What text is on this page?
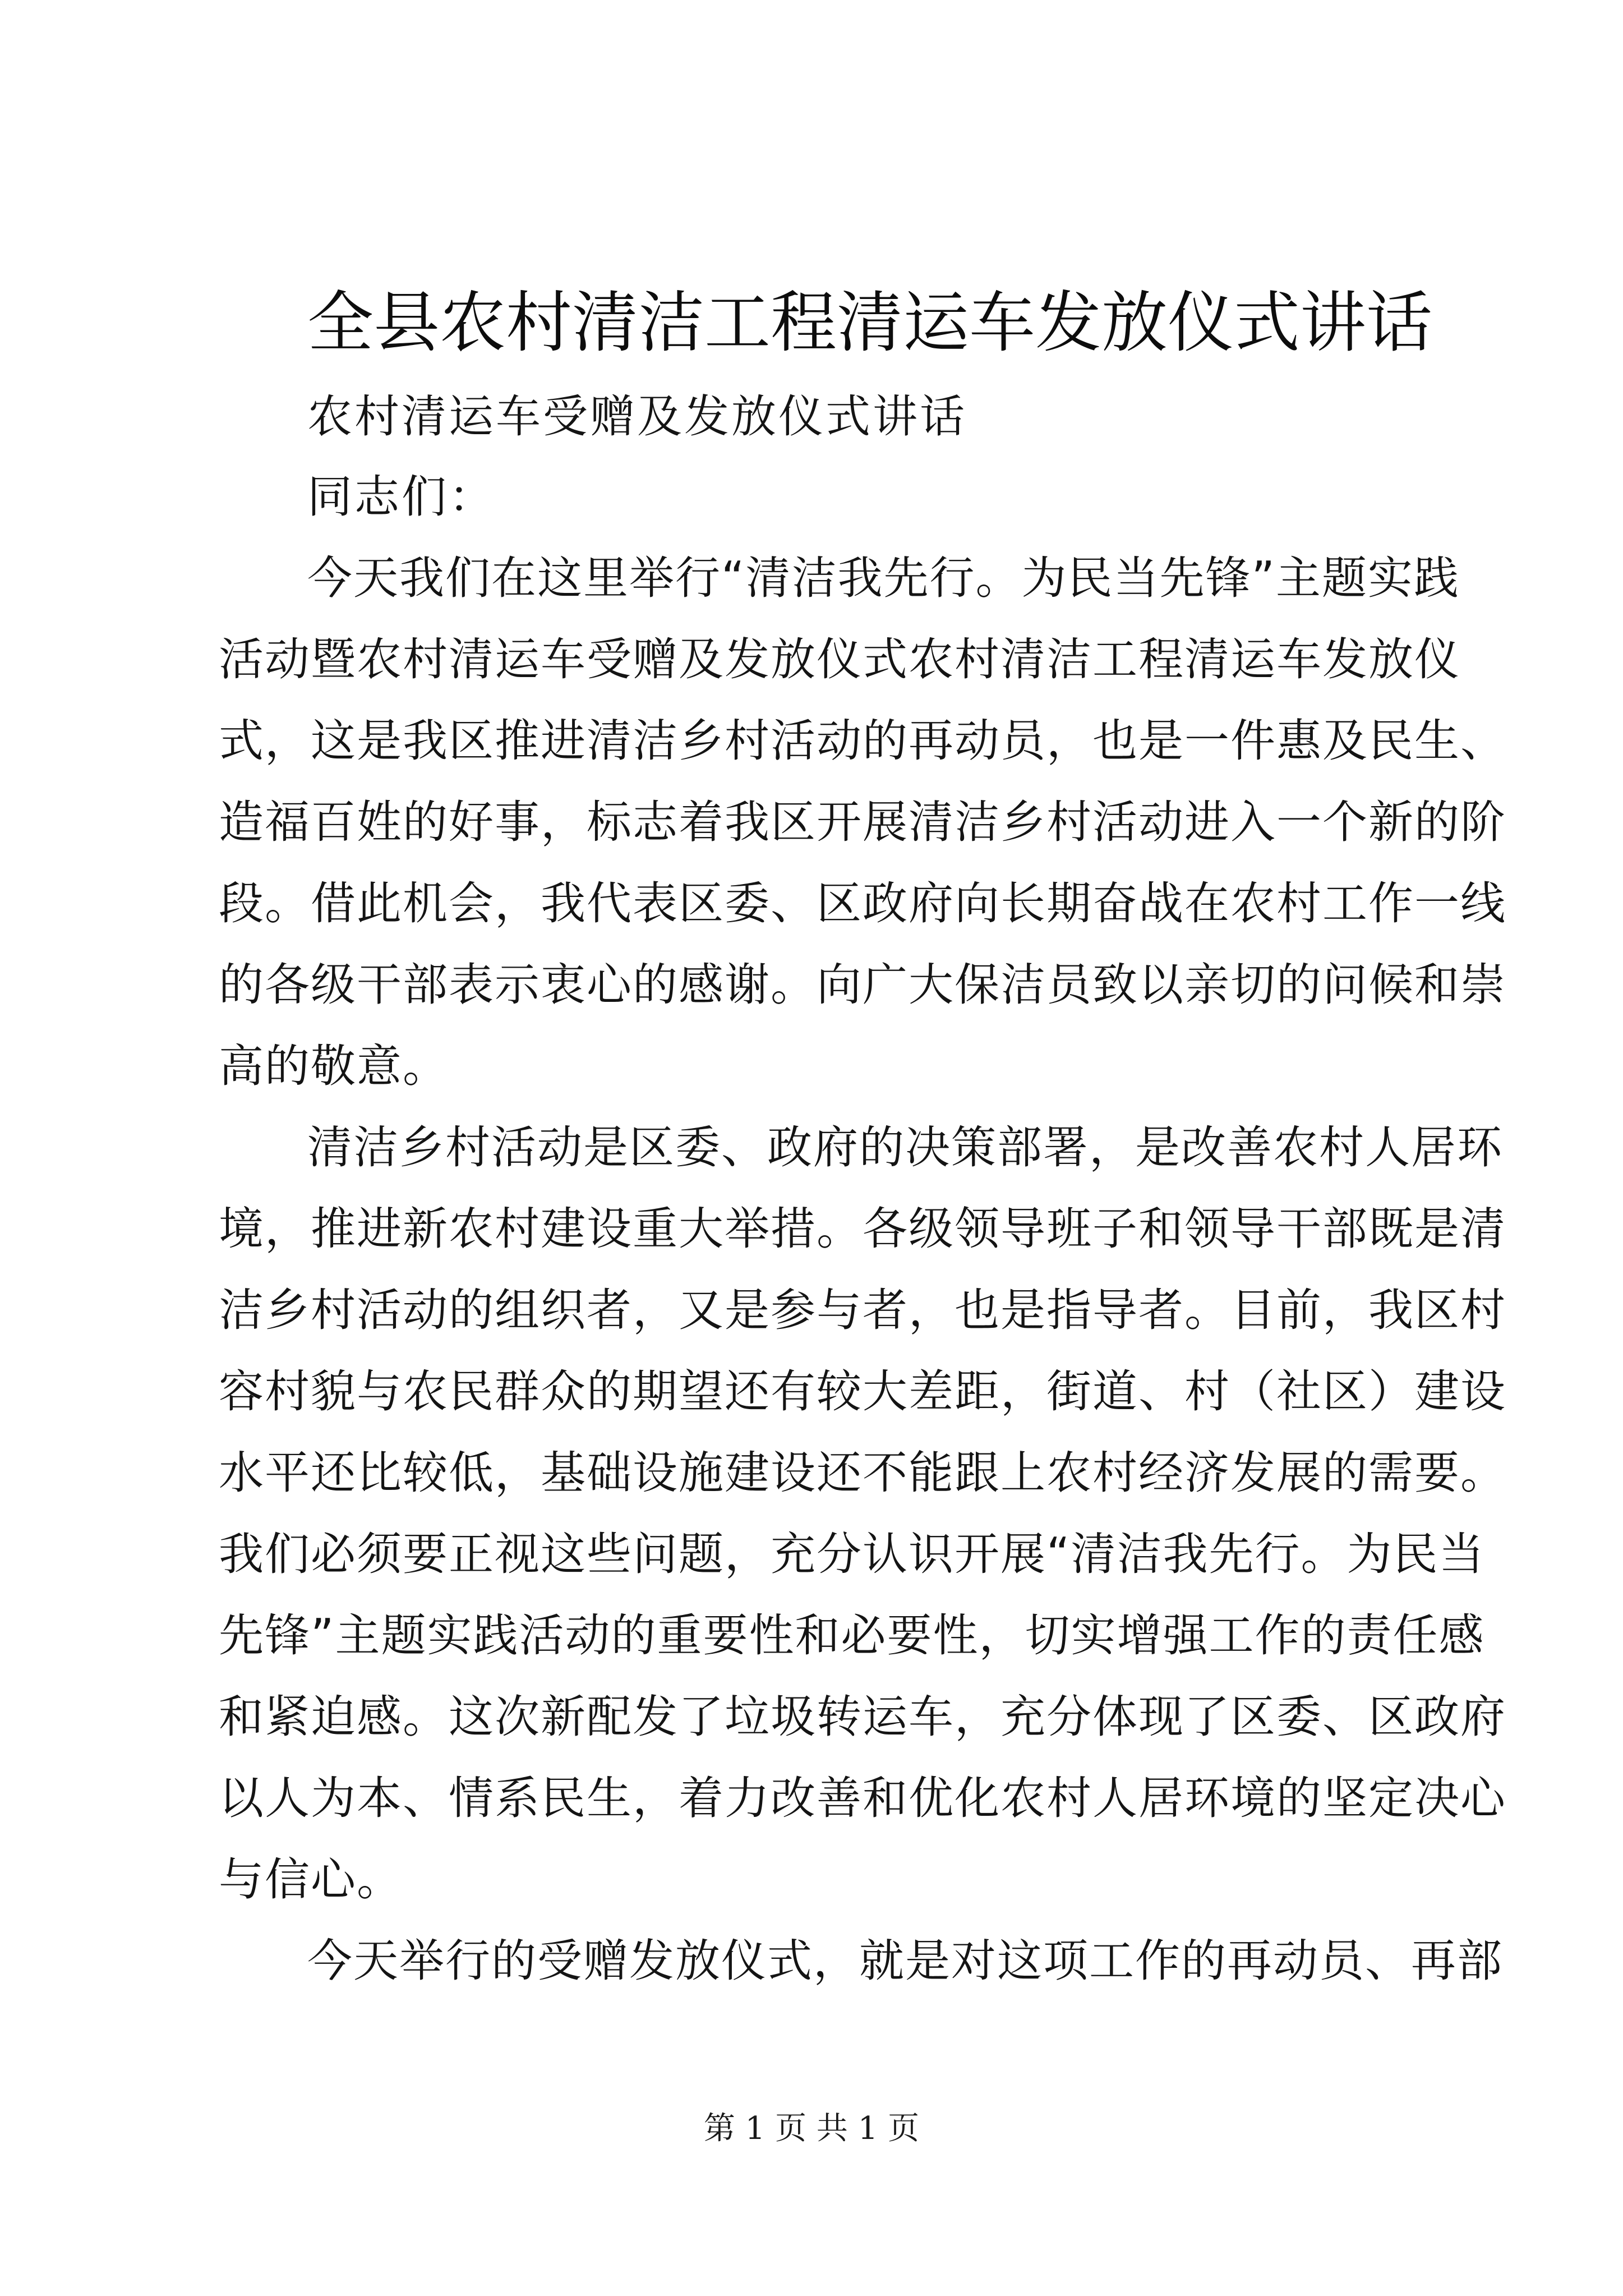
全县农村清洁工程清运车发放仪式讲话
农村清运车受赠及发放仪式讲话
同志们：
今天我们在这里举行“清洁我先行。为民当先锋”主题实践
活动暨农村清运车受赠及发放仪式农村清洁工程清运车发放仪
式，这是我区推进清洁乡村活动的再动员，也是一件惠及民生、
造福百姓的好事，标志着我区开展清洁乡村活动进入一个新的阶
段。借此机会，我代表区委、区政府向长期奋战在农村工作一线
的各级干部表示衷心的感谢。向广大保洁员致以亲切的问候和崇
高的敬意。
清洁乡村活动是区委、政府的决策部署，是改善农村人居环
境，推进新农村建设重大举措。各级领导班子和领导干部既是清
洁乡村活动的组织者，又是参与者，也是指导者。目前，我区村
容村貌与农民群众的期望还有较大差距，街道、村（社区）建设
水平还比较低，基础设施建设还不能跟上农村经济发展的需要。
我们必须要正视这些问题，充分认识开展“清洁我先行。为民当
先锋”主题实践活动的重要性和必要性，切实增强工作的责任感
和紧迫感。这次新配发了垃圾转运车，充分体现了区委、区政府
以人为本、情系民生，着力改善和优化农村人居环境的坚定决心
与信心。
今天举行的受赠发放仪式，就是对这项工作的再动员、再部
第 1 页 共 1 页
